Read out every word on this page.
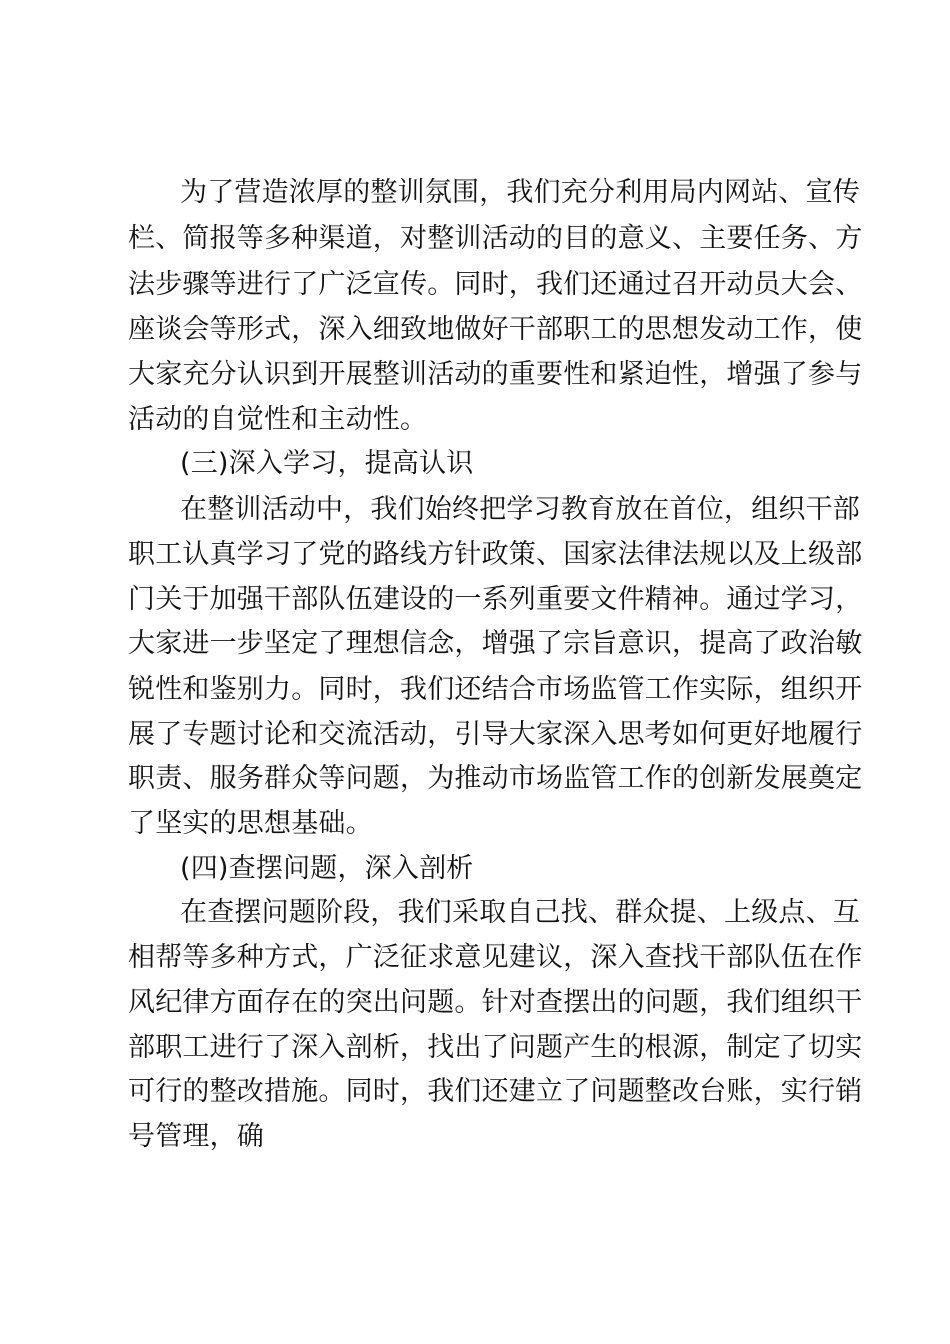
为了营造浓厚的整训氛围，我们充分利用局内网站、宣传
栏、简报等多种渠道，对整训活动的目的意义、主要任务、方
法步骤等进行了广泛宣传。同时，我们还通过召开动员大会、
座谈会等形式，深入细致地做好干部职工的思想发动工作，使
大家充分认识到开展整训活动的重要性和紧迫性，增强了参与
活动的自觉性和主动性。
(三)深入学习，提高认识
在整训活动中，我们始终把学习教育放在首位，组织干部
职工认真学习了党的路线方针政策、国家法律法规以及上级部
门关于加强干部队伍建设的一系列重要文件精神。通过学习，
大家进一步坚定了理想信念，增强了宗旨意识，提高了政治敏
锐性和鉴别力。同时，我们还结合市场监管工作实际，组织开
展了专题讨论和交流活动，引导大家深入思考如何更好地履行
职责、服务群众等问题，为推动市场监管工作的创新发展奠定
了坚实的思想基础。
(四)查摆问题，深入剖析
在查摆问题阶段，我们采取自己找、群众提、上级点、互
相帮等多种方式，广泛征求意见建议，深入查找干部队伍在作
风纪律方面存在的突出问题。针对查摆出的问题，我们组织干
部职工进行了深入剖析，找出了问题产生的根源，制定了切实
可行的整改措施。同时，我们还建立了问题整改台账，实行销
号管理，确
